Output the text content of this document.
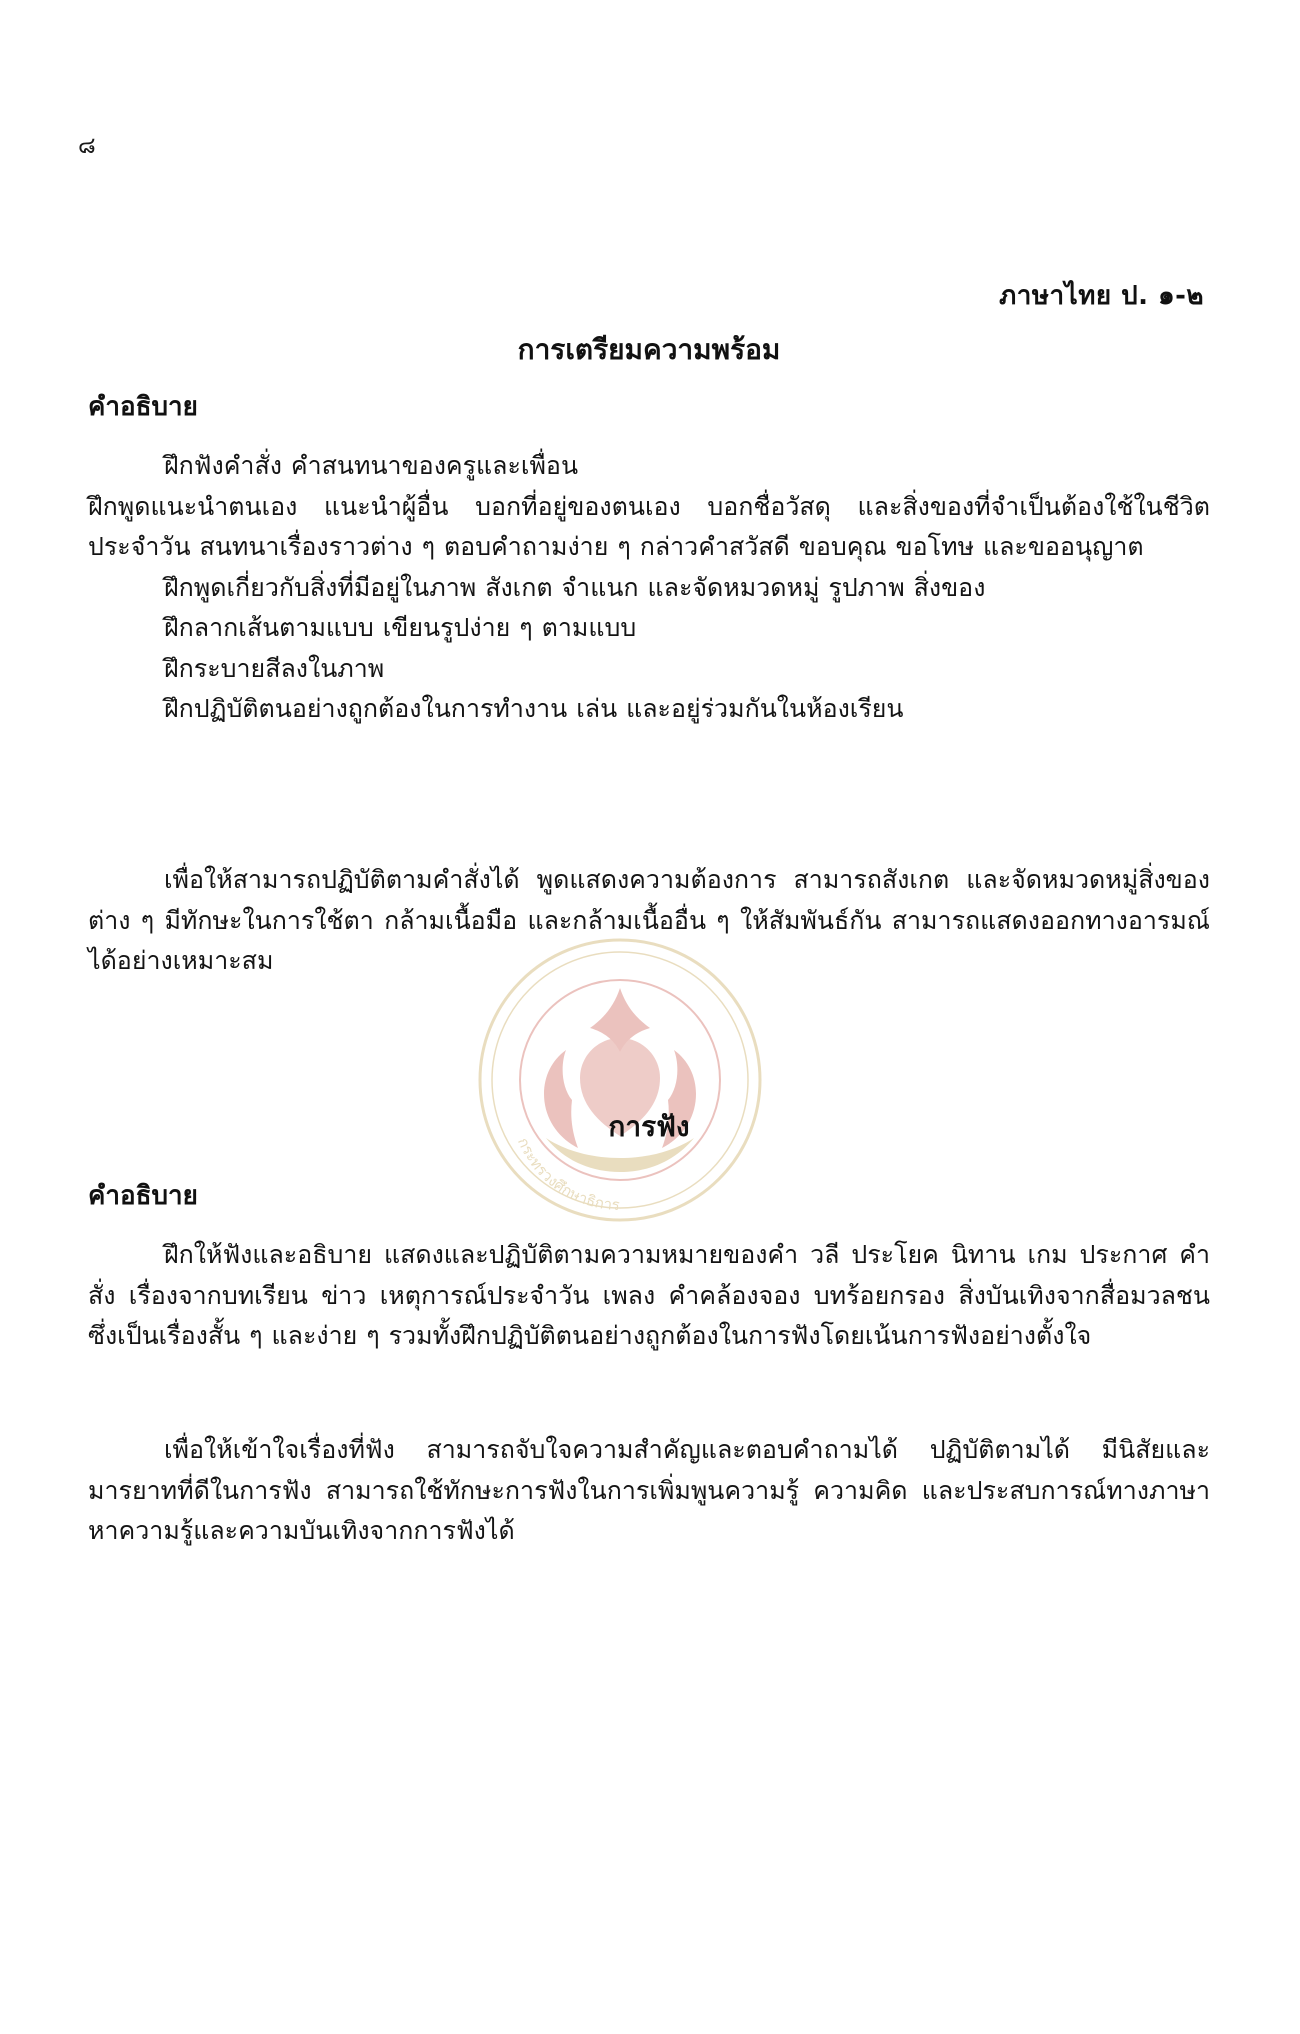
กระทรวงศึกษาธิการ
๘
ภาษาไทย ป. ๑-๒
การเตรียมความพร้อม
คำอธิบาย
ฝึกฟังคำสั่ง คำสนทนาของครูและเพื่อน
ฝึกพูดแนะนำตนเอง แนะนำผู้อื่น บอกที่อยู่ของตนเอง บอกชื่อวัสดุ และสิ่งของที่จำเป็นต้องใช้ในชีวิตประจำวัน สนทนาเรื่องราวต่าง ๆ ตอบคำถามง่าย ๆ กล่าวคำสวัสดี ขอบคุณ ขอโทษ และขออนุญาต
ฝึกพูดเกี่ยวกับสิ่งที่มีอยู่ในภาพ สังเกต จำแนก และจัดหมวดหมู่ รูปภาพ สิ่งของ
ฝึกลากเส้นตามแบบ เขียนรูปง่าย ๆ ตามแบบ
ฝึกระบายสีลงในภาพ
ฝึกปฏิบัติตนอย่างถูกต้องในการทำงาน เล่น และอยู่ร่วมกันในห้องเรียน
เพื่อให้สามารถปฏิบัติตามคำสั่งได้ พูดแสดงความต้องการ สามารถสังเกต และจัดหมวดหมู่สิ่งของต่าง ๆ มีทักษะในการใช้ตา กล้ามเนื้อมือ และกล้ามเนื้ออื่น ๆ ให้สัมพันธ์กัน สามารถแสดงออกทางอารมณ์ได้อย่างเหมาะสม
การฟัง
คำอธิบาย
ฝึกให้ฟังและอธิบาย แสดงและปฏิบัติตามความหมายของคำ วลี ประโยค นิทาน เกม ประกาศ คำสั่ง เรื่องจากบทเรียน ข่าว เหตุการณ์ประจำวัน เพลง คำคล้องจอง บทร้อยกรอง สิ่งบันเทิงจากสื่อมวลชน ซึ่งเป็นเรื่องสั้น ๆ และง่าย ๆ รวมทั้งฝึกปฏิบัติตนอย่างถูกต้องในการฟังโดยเน้นการฟังอย่างตั้งใจ
เพื่อให้เข้าใจเรื่องที่ฟัง สามารถจับใจความสำคัญและตอบคำถามได้ ปฏิบัติตามได้ มีนิสัยและมารยาทที่ดีในการฟัง สามารถใช้ทักษะการฟังในการเพิ่มพูนความรู้ ความคิด และประสบการณ์ทางภาษา หาความรู้และความบันเทิงจากการฟังได้
